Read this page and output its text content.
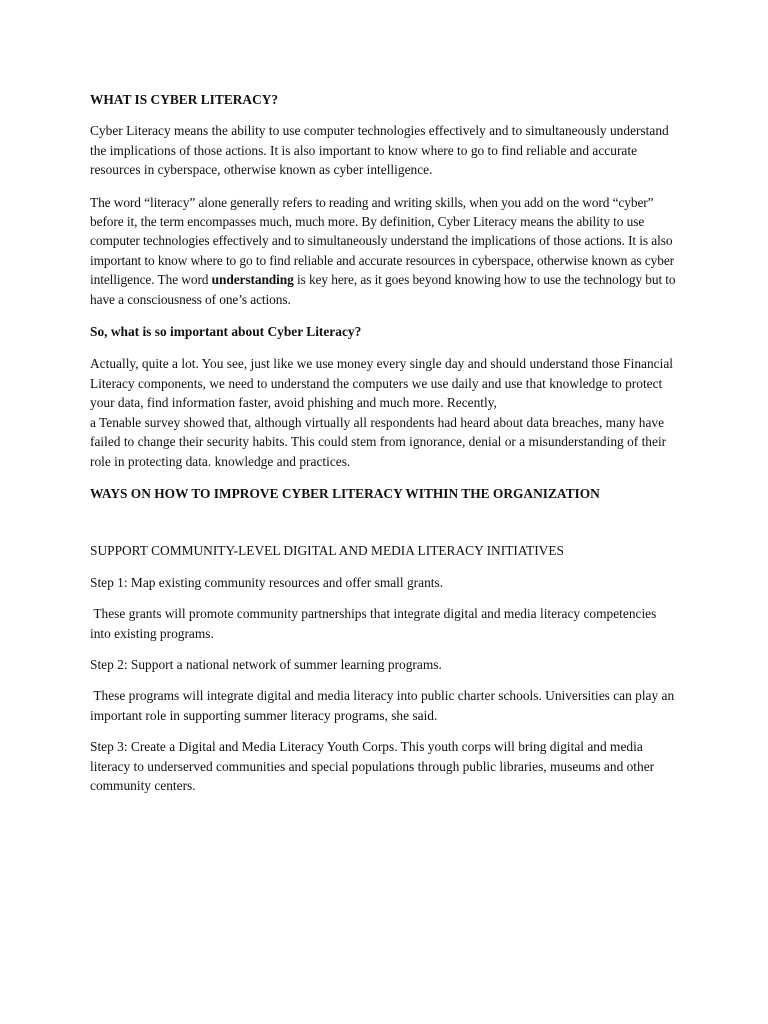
WHAT IS CYBER LITERACY?

Cyber Literacy means the ability to use computer technologies effectively and to simultaneously understand the implications of those actions. It is also important to know where to go to find reliable and accurate resources in cyberspace, otherwise known as cyber intelligence.

The word “literacy” alone generally refers to reading and writing skills, when you add on the word “cyber” before it, the term encompasses much, much more. By definition, Cyber Literacy means the ability to use computer technologies effectively and to simultaneously understand the implications of those actions. It is also important to know where to go to find reliable and accurate resources in cyberspace, otherwise known as cyber intelligence. The word understanding is key here, as it goes beyond knowing how to use the technology but to have a consciousness of one’s actions.

So, what is so important about Cyber Literacy?

Actually, quite a lot. You see, just like we use money every single day and should understand those Financial Literacy components, we need to understand the computers we use daily and use that knowledge to protect your data, find information faster, avoid phishing and much more. Recently,
a Tenable survey showed that, although virtually all respondents had heard about data breaches, many have failed to change their security habits. This could stem from ignorance, denial or a misunderstanding of their role in protecting data. knowledge and practices.

WAYS ON HOW TO IMPROVE CYBER LITERACY WITHIN THE ORGANIZATION

SUPPORT COMMUNITY-LEVEL DIGITAL AND MEDIA LITERACY INITIATIVES

Step 1: Map existing community resources and offer small grants.

These grants will promote community partnerships that integrate digital and media literacy competencies into existing programs.

Step 2: Support a national network of summer learning programs.

These programs will integrate digital and media literacy into public charter schools. Universities can play an important role in supporting summer literacy programs, she said.

Step 3: Create a Digital and Media Literacy Youth Corps. This youth corps will bring digital and media literacy to underserved communities and special populations through public libraries, museums and other community centers.
